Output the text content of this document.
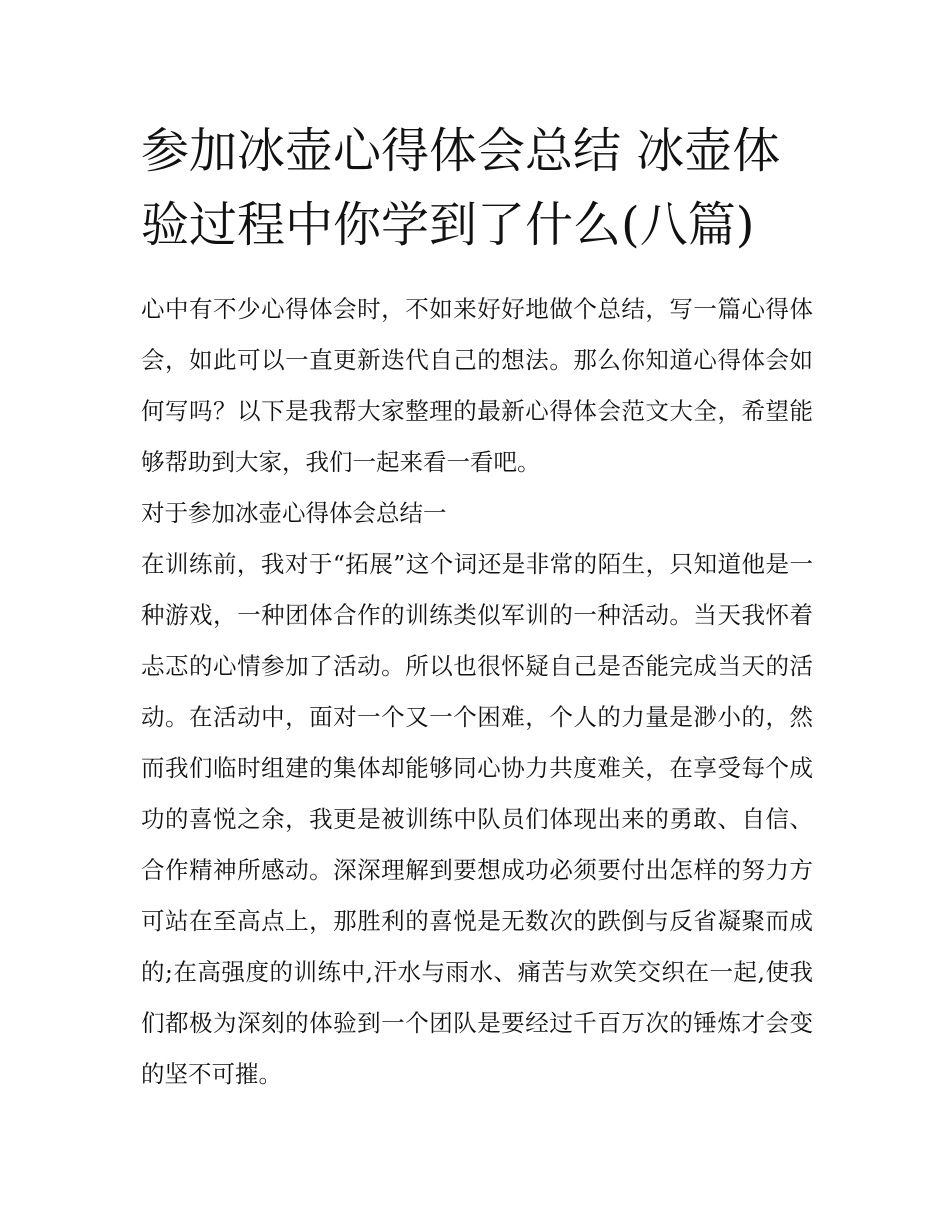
参加冰壶心得体会总结 冰壶体验过程中你学到了什么(八篇)

心中有不少心得体会时，不如来好好地做个总结，写一篇心得体会，如此可以一直更新迭代自己的想法。那么你知道心得体会如何写吗？以下是我帮大家整理的最新心得体会范文大全，希望能够帮助到大家，我们一起来看一看吧。

对于参加冰壶心得体会总结一

在训练前，我对于“拓展”这个词还是非常的陌生，只知道他是一种游戏，一种团体合作的训练类似军训的一种活动。当天我怀着忐忑的心情参加了活动。所以也很怀疑自己是否能完成当天的活动。在活动中，面对一个又一个困难，个人的力量是渺小的，然而我们临时组建的集体却能够同心协力共度难关，在享受每个成功的喜悦之余，我更是被训练中队员们体现出来的勇敢、自信、合作精神所感动。深深理解到要想成功必须要付出怎样的努力方可站在至高点上，那胜利的喜悦是无数次的跌倒与反省凝聚而成的;在高强度的训练中,汗水与雨水、痛苦与欢笑交织在一起,使我们都极为深刻的体验到一个团队是要经过千百万次的锤炼才会变的坚不可摧。
